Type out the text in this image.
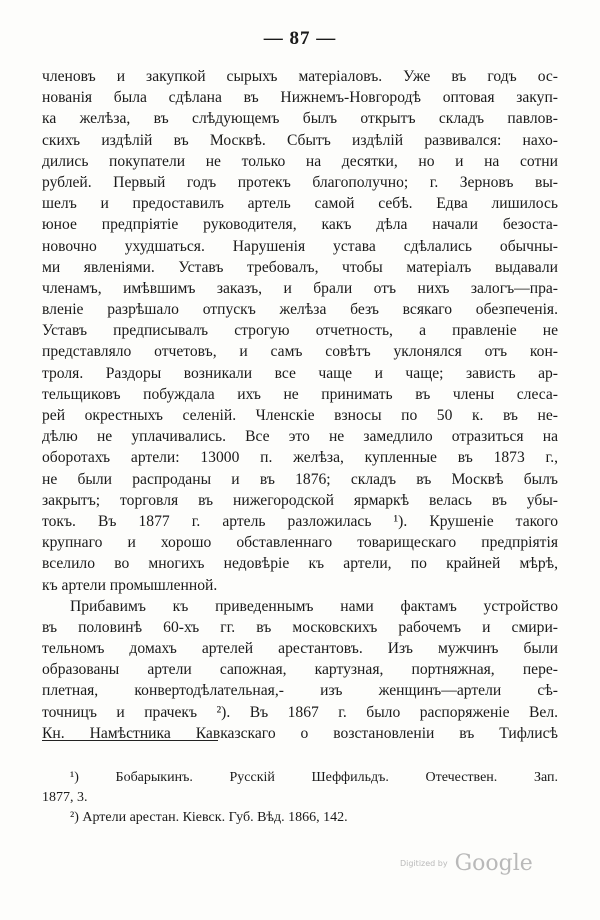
— 87 —
членовъ и закупкой сырыхъ матеріаловъ. Уже въ годъ ос-
нованія была сдѣлана въ Нижнемъ-Новгородѣ оптовая закуп-
ка желѣза, въ слѣдующемъ былъ открытъ складъ павлов-
скихъ издѣлій въ Москвѣ. Сбытъ издѣлій развивался: нахо-
дились покупатели не только на десятки, но и на сотни
рублей. Первый годъ протекъ благополучно; г. Зерновъ вы-
шелъ и предоставилъ артель самой себѣ. Едва лишилось
юное предпріятіе руководителя, какъ дѣла начали безоста-
новочно ухудшаться. Нарушенія устава сдѣлались обычны-
ми явленіями. Уставъ требовалъ, чтобы матеріалъ выдавали
членамъ, имѣвшимъ заказъ, и брали отъ нихъ залогъ—пра-
вленіе разрѣшало отпускъ желѣза безъ всякаго обезпеченія.
Уставъ предписывалъ строгую отчетность, а правленіе не
представляло отчетовъ, и самъ совѣтъ уклонялся отъ кон-
троля. Раздоры возникали все чаще и чаще; зависть ар-
тельщиковъ побуждала ихъ не принимать въ члены слеса-
рей окрестныхъ селеній. Членскіе взносы по 50 к. въ не-
дѣлю не уплачивались. Все это не замедлило отразиться на
оборотахъ артели: 13000 п. желѣза, купленные въ 1873 г.,
не были распроданы и въ 1876; складъ въ Москвѣ былъ
закрытъ; торговля въ нижегородской ярмаркѣ велась въ убы-
токъ. Въ 1877 г. артель разложилась ¹). Крушеніе такого
крупнаго и хорошо обставленнаго товарищескаго предпріятія
вселило во многихъ недовѣріе къ артели, по крайней мѣрѣ,
къ артели промышленной.
Прибавимъ къ приведеннымъ нами фактамъ устройство
въ половинѣ 60-хъ гг. въ московскихъ рабочемъ и смири-
тельномъ домахъ артелей арестантовъ. Изъ мужчинъ были
образованы артели сапожная, картузная, портняжная, пере-
плетная, конвертодѣлательная,- изъ женщинъ—артели сѣ-
точницъ и прачекъ ²). Въ 1867 г. было распоряженіе Вел.
Кн. Намѣстника Кавказскаго о возстановленіи въ Тифлисѣ
¹) Бобарыкинъ. Русскій Шеффильдъ. Отечествен. Зап.
1877, 3.
²) Артели арестан. Кіевск. Губ. Вѣд. 1866, 142.
Digitized by Google
